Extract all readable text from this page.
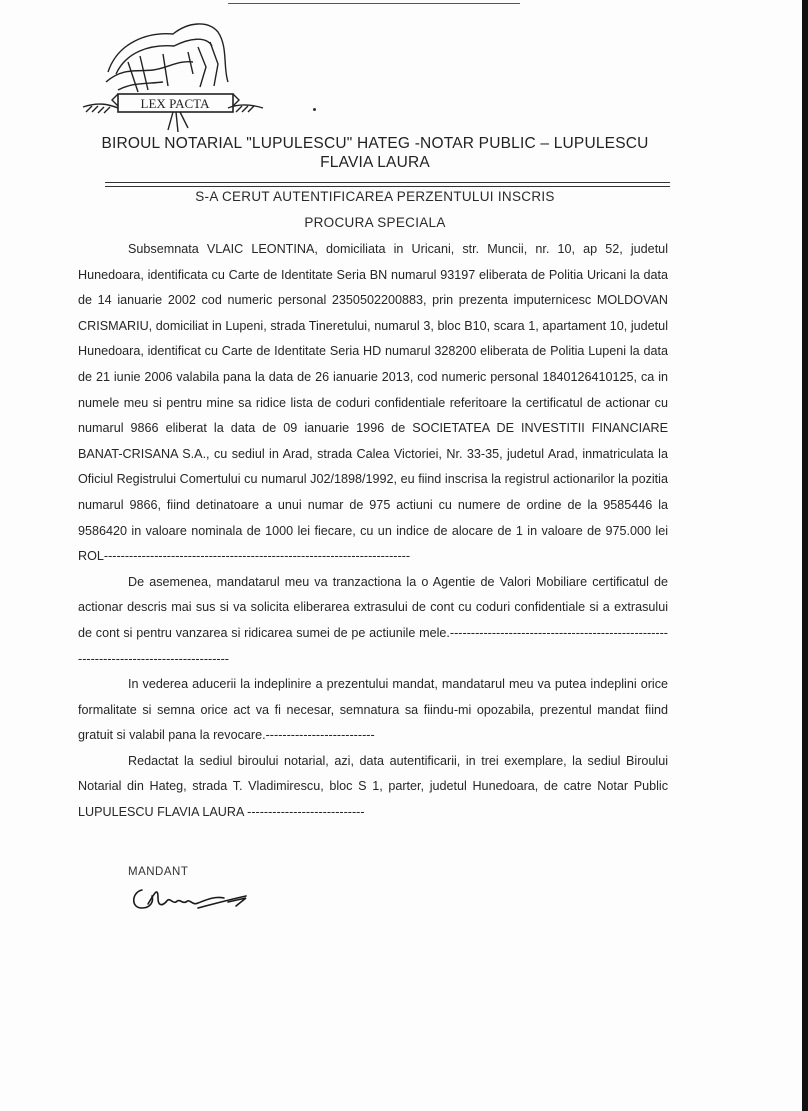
LEX PACTA
BIROUL NOTARIAL "LUPULESCU" HATEG -NOTAR PUBLIC – LUPULESCU
FLAVIA LAURA
S-A CERUT AUTENTIFICAREA PERZENTULUI INSCRIS
PROCURA SPECIALA

Subsemnata VLAIC LEONTINA, domiciliata in Uricani, str. Muncii, nr. 10, ap 52, judetul Hunedoara, identificata cu Carte de Identitate Seria BN numarul 93197 eliberata de Politia Uricani la data de 14 ianuarie 2002 cod numeric personal 2350502200883, prin prezenta imputernicesc MOLDOVAN CRISMARIU, domiciliat in Lupeni, strada Tineretului, numarul 3, bloc B10, scara 1, apartament 10, judetul Hunedoara, identificat cu Carte de Identitate Seria HD numarul 328200 eliberata de Politia Lupeni la data de 21 iunie 2006 valabila pana la data de 26 ianuarie 2013, cod numeric personal 1840126410125, ca in numele meu si pentru mine sa ridice lista de coduri confidentiale referitoare la certificatul de actionar cu numarul 9866 eliberat la data de 09 ianuarie 1996 de SOCIETATEA DE INVESTITII FINANCIARE BANAT-CRISANA S.A., cu sediul in Arad, strada Calea Victoriei, Nr. 33-35, judetul Arad, inmatriculata la Oficiul Registrului Comertului cu numarul J02/1898/1992, eu fiind inscrisa la registrul actionarilor la pozitia numarul 9866, fiind detinatoare a unui numar de 975 actiuni cu numere de ordine de la 9585446 la 9586420 in valoare nominala de 1000 lei fiecare, cu un indice de alocare de 1 in valoare de 975.000 lei ROL-------------------------------------------------------------------------

De asemenea, mandatarul meu va tranzactiona la o Agentie de Valori Mobiliare certificatul de actionar descris mai sus si va solicita eliberarea extrasului de cont cu coduri confidentiale si a extrasului de cont si pentru vanzarea si ridicarea sumei de pe actiunile mele.----------------------------------------------------------------------------------------

In vederea aducerii la indeplinire a prezentului mandat, mandatarul meu va putea indeplini orice formalitate si semna orice act va fi necesar, semnatura sa fiindu-mi opozabila, prezentul mandat fiind gratuit si valabil pana la revocare.--------------------------

Redactat la sediul biroului notarial, azi, data autentificarii, in trei exemplare, la sediul Biroului Notarial din Hateg, strada T. Vladimirescu, bloc S 1, parter, judetul Hunedoara, de catre Notar Public LUPULESCU FLAVIA LAURA ----------------------------

MANDANT
